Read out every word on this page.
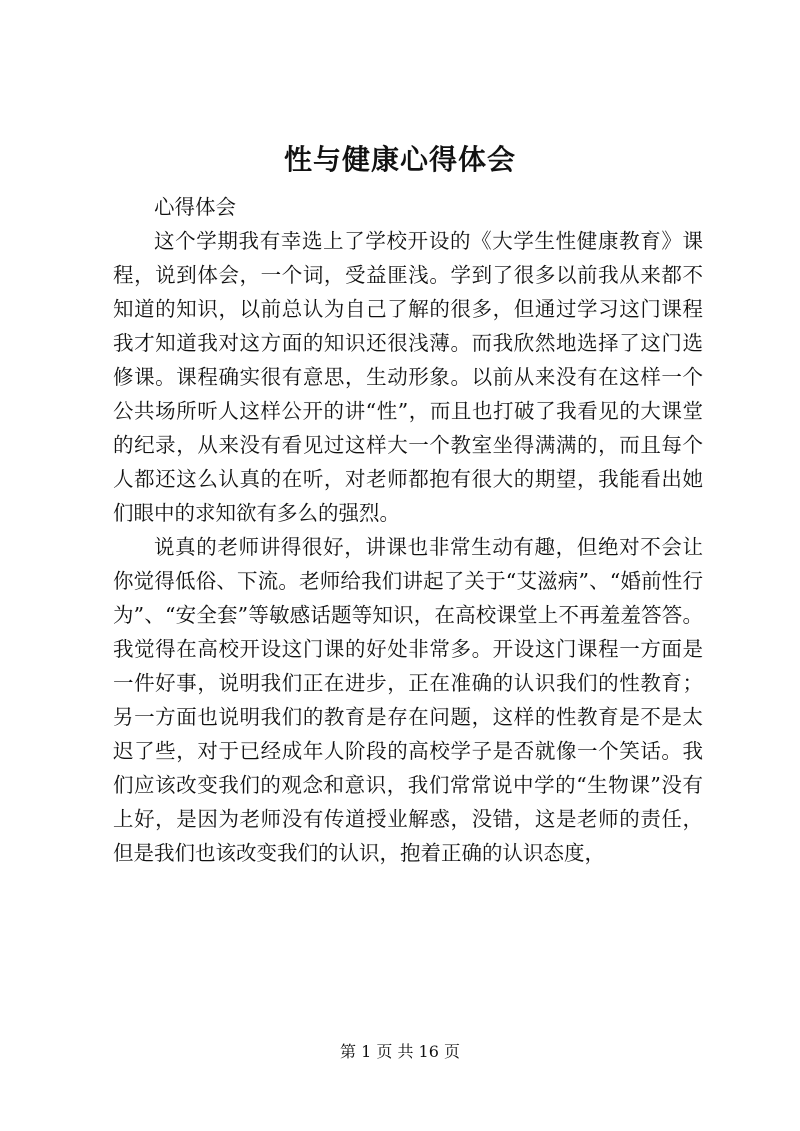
性与健康心得体会

心得体会

这个学期我有幸选上了学校开设的《大学生性健康教育》课程，说到体会，一个词，受益匪浅。学到了很多以前我从来都不知道的知识，以前总认为自己了解的很多，但通过学习这门课程我才知道我对这方面的知识还很浅薄。而我欣然地选择了这门选修课。课程确实很有意思，生动形象。以前从来没有在这样一个公共场所听人这样公开的讲“性”，而且也打破了我看见的大课堂的纪录，从来没有看见过这样大一个教室坐得满满的，而且每个人都还这么认真的在听，对老师都抱有很大的期望，我能看出她们眼中的求知欲有多么的强烈。

说真的老师讲得很好，讲课也非常生动有趣，但绝对不会让你觉得低俗、下流。老师给我们讲起了关于“艾滋病”、“婚前性行为”、“安全套”等敏感话题等知识，在高校课堂上不再羞羞答答。我觉得在高校开设这门课的好处非常多。开设这门课程一方面是一件好事，说明我们正在进步，正在准确的认识我们的性教育；另一方面也说明我们的教育是存在问题，这样的性教育是不是太迟了些，对于已经成年人阶段的高校学子是否就像一个笑话。我们应该改变我们的观念和意识，我们常常说中学的“生物课”没有上好，是因为老师没有传道授业解惑，没错，这是老师的责任，但是我们也该改变我们的认识，抱着正确的认识态度，

第 1 页 共 16 页
